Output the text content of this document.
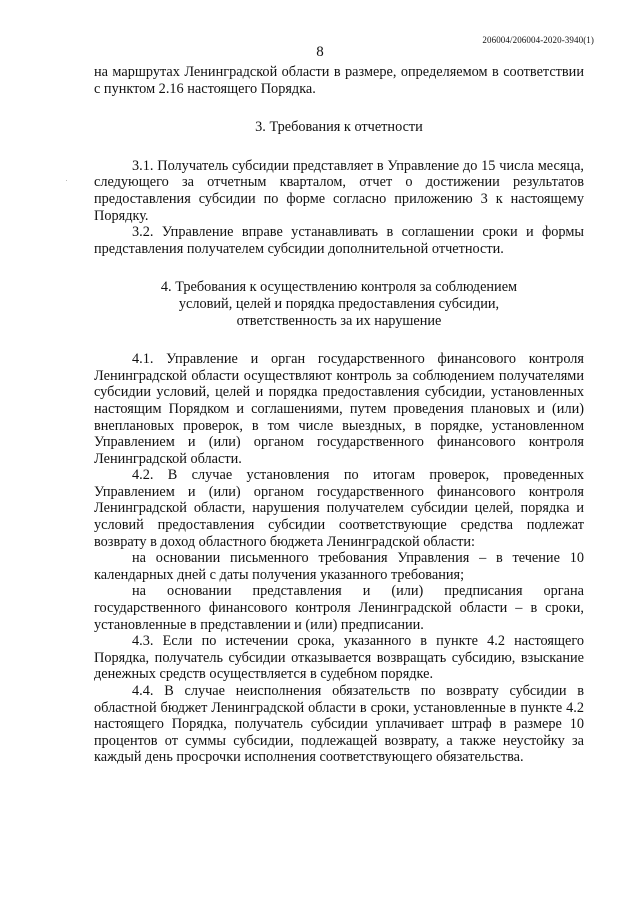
206004/206004-2020-3940(1)
8

на маршрутах Ленинградской области в размере, определяемом в соответствии с пунктом 2.16 настоящего Порядка.

3. Требования к отчетности

3.1. Получатель субсидии представляет в Управление до 15 числа месяца, следующего за отчетным кварталом, отчет о достижении результатов предоставления субсидии по форме согласно приложению 3 к настоящему Порядку.

3.2. Управление вправе устанавливать в соглашении сроки и формы представления получателем субсидии дополнительной отчетности.

4. Требования к осуществлению контроля за соблюдением

условий, целей и порядка предоставления субсидии,

ответственность за их нарушение

4.1. Управление и орган государственного финансового контроля Ленинградской области осуществляют контроль за соблюдением получателями субсидии условий, целей и порядка предоставления субсидии, установленных настоящим Порядком и соглашениями, путем проведения плановых и (или) внеплановых проверок, в том числе выездных, в порядке, установленном Управлением и (или) органом государственного финансового контроля Ленинградской области.

4.2. В случае установления по итогам проверок, проведенных Управлением и (или) органом государственного финансового контроля Ленинградской области, нарушения получателем субсидии целей, порядка и условий предоставления субсидии соответствующие средства подлежат возврату в доход областного бюджета Ленинградской области:

на основании письменного требования Управления – в течение 10 календарных дней с даты получения указанного требования;

на основании представления и (или) предписания органа государственного финансового контроля Ленинградской области – в сроки, установленные в представлении и (или) предписании.

4.3. Если по истечении срока, указанного в пункте 4.2 настоящего Порядка, получатель субсидии отказывается возвращать субсидию, взыскание денежных средств осуществляется в судебном порядке.

4.4. В случае неисполнения обязательств по возврату субсидии в областной бюджет Ленинградской области в сроки, установленные в пункте 4.2 настоящего Порядка, получатель субсидии уплачивает штраф в размере 10 процентов от суммы субсидии, подлежащей возврату, а также неустойку за каждый день просрочки исполнения соответствующего обязательства.
